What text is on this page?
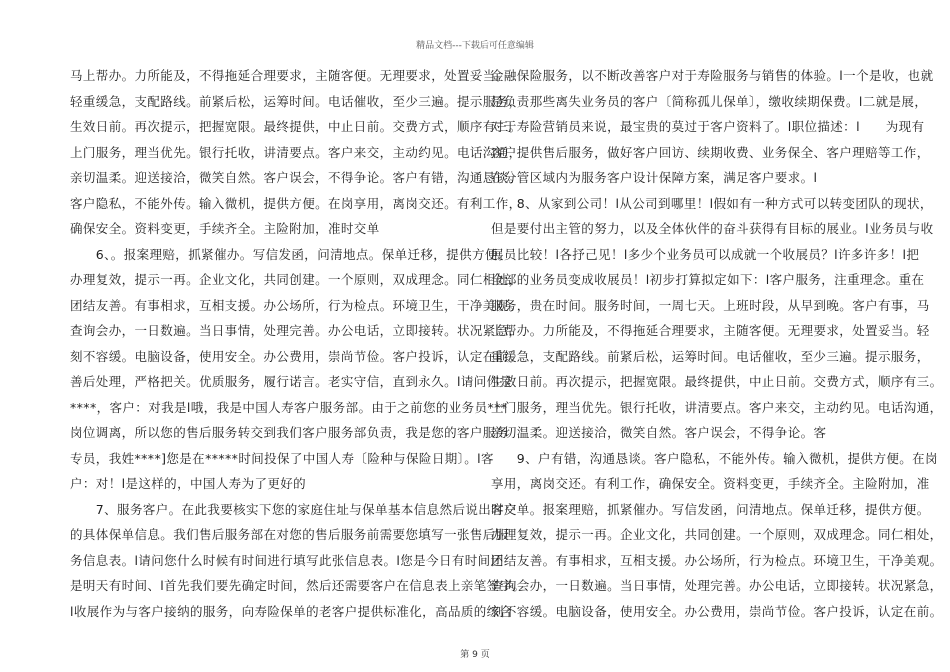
精品文档---下载后可任意编辑
马上帮办。力所能及，不得拖延合理要求，主随客便。无理要求，处置妥当。
轻重缓急，支配路线。前紧后松，运筹时间。电话催收，至少三遍。提示服务，
生效日前。再次提示，把握宽限。最终提供，中止日前。交费方式，顺序有三。
上门服务，理当优先。银行托收，讲清要点。客户来交，主动约见。电话沟通，
亲切温柔。迎送接洽，微笑自然。客户误会，不得争论。客户有错，沟通恳谈。
客户隐私，不能外传。输入微机，提供方便。在岗享用，离岗交还。有利工作，
确保安全。资料变更，手续齐全。主险附加，准时交单
　　6、。报案理赔，抓紧催办。写信发函，问清地点。保单迁移，提供方便。
办理复效，提示一再。企业文化，共同创建。一个原则，双成理念。同仁相处，
团结友善。有事相求，互相支援。办公场所，行为检点。环境卫生，干净美观。
查询会办，一日数遍。当日事情，处理完善。办公电话，立即接转。状况紧急，
刻不容缓。电脑设备，使用安全。办公费用，崇尚节俭。客户投诉，认定在前。
善后处理，严格把关。优质服务，履行诺言。老实守信，直到永久。l请问你是
****，客户：对我是l哦，我是中国人寿客户服务部。由于之前您的业务员***
岗位调离，所以您的售后服务转交到我们客户服务部负责，我是您的客户服务
专员，我姓****]您是在*****时间投保了中国人寿〔险种与保险日期〕。l客
户：对！l是这样的，中国人寿为了更好的
　　7、服务客户。在此我要核实下您的家庭住址与保单基本信息然后说出客户
的具体保单信息。我们售后服务部在对您的售后服务前需要您填写一张售后服
务信息表。l请问您什么时候有时间进行填写此张信息表。l您是今日有时间还
是明天有时间、l首先我们要先确定时间，然后还需要客户在信息表上亲笔签字。
l收展作为与客户接纳的服务，向寿险保单的老客户提供标准化，高品质的综合
金融保险服务，以不断改善客户对于寿险服务与销售的体验。l一个是收，也就
是负责那些离失业务员的客户〔简称孤儿保单〕，缴收续期保费。l二就是展，
对于寿险营销员来说，最宝贵的莫过于客户资料了。l职位描述：l　　为现有
客户提供售后服务，做好客户回访、续期收费、业务保全、客户理赔等工作，
在分管区域内为服务客户设计保障方案，满足客户要求。l
　　8、从家到公司！l从公司到哪里！l假如有一种方式可以转变团队的现状，
但是要付出主管的努力，以及全体伙伴的奋斗获得有目标的展业。l业务员与收
展员比较！l各抒己见！l多少个业务员可以成就一个收展员？l许多许多！l把
全部的业务员变成收展员！l初步打算拟定如下：l客户服务，注重理念。重在
服务，贵在时间。服务时间，一周七天。上班时段，从早到晚。客户有事，马
上帮办。力所能及，不得拖延合理要求，主随客便。无理要求，处置妥当。轻
重缓急，支配路线。前紧后松，运筹时间。电话催收，至少三遍。提示服务，
生效日前。再次提示，把握宽限。最终提供，中止日前。交费方式，顺序有三。
上门服务，理当优先。银行托收，讲清要点。客户来交，主动约见。电话沟通，
亲切温柔。迎送接洽，微笑自然。客户误会，不得争论。客
　　9、户有错，沟通恳谈。客户隐私，不能外传。输入微机，提供方便。在岗
享用，离岗交还。有利工作，确保安全。资料变更，手续齐全。主险附加，准
时交单。报案理赔，抓紧催办。写信发函，问清地点。保单迁移，提供方便。
办理复效，提示一再。企业文化，共同创建。一个原则，双成理念。同仁相处，
团结友善。有事相求，互相支援。办公场所，行为检点。环境卫生，干净美观。
查询会办，一日数遍。当日事情，处理完善。办公电话，立即接转。状况紧急，
刻不容缓。电脑设备，使用安全。办公费用，崇尚节俭。客户投诉，认定在前。
第 9 页
